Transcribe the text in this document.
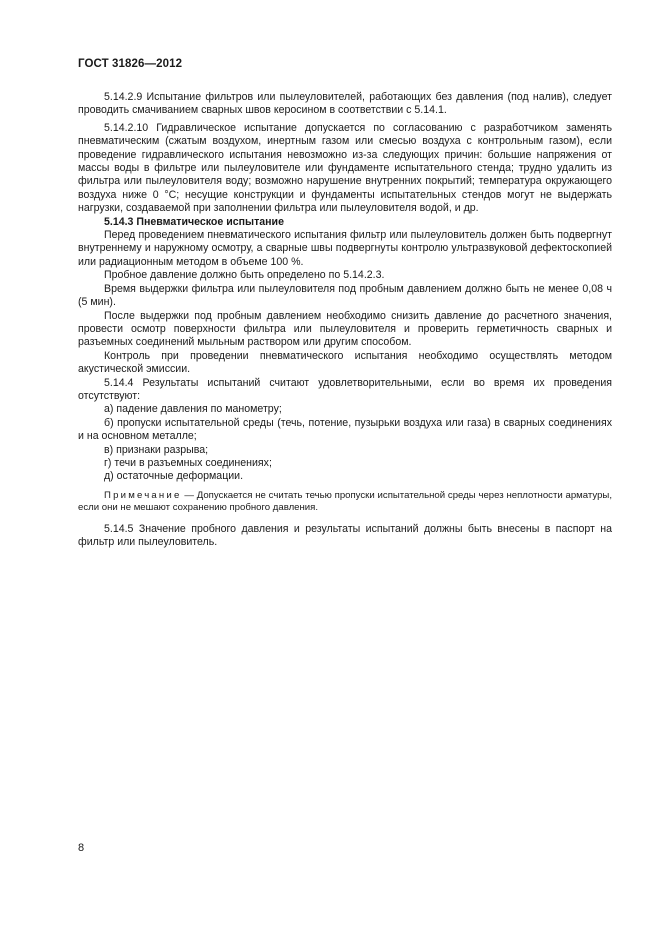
ГОСТ 31826—2012

5.14.2.9 Испытание фильтров или пылеуловителей, работающих без давления (под налив), следует проводить смачиванием сварных швов керосином в соответствии с 5.14.1.

5.14.2.10 Гидравлическое испытание допускается по согласованию с разработчиком заменять пневматическим (сжатым воздухом, инертным газом или смесью воздуха с контрольным газом), если проведение гидравлического испытания невозможно из-за следующих причин: большие напряжения от массы воды в фильтре или пылеуловителе или фундаменте испытательного стенда; трудно удалить из фильтра или пылеуловителя воду; возможно нарушение внутренних покрытий; температура окружающего воздуха ниже 0 °С; несущие конструкции и фундаменты испытательных стендов могут не выдержать нагрузки, создаваемой при заполнении фильтра или пылеуловителя водой, и др.

5.14.3 Пневматическое испытание

Перед проведением пневматического испытания фильтр или пылеуловитель должен быть подвергнут внутреннему и наружному осмотру, а сварные швы подвергнуты контролю ультразвуковой дефектоскопией или радиационным методом в объеме 100 %.

Пробное давление должно быть определено по 5.14.2.3.

Время выдержки фильтра или пылеуловителя под пробным давлением должно быть не менее 0,08 ч (5 мин).

После выдержки под пробным давлением необходимо снизить давление до расчетного значения, провести осмотр поверхности фильтра или пылеуловителя и проверить герметичность сварных и разъемных соединений мыльным раствором или другим способом.

Контроль при проведении пневматического испытания необходимо осуществлять методом акустической эмиссии.

5.14.4 Результаты испытаний считают удовлетворительными, если во время их проведения отсутствуют:

а) падение давления по манометру;

б) пропуски испытательной среды (течь, потение, пузырьки воздуха или газа) в сварных соединениях и на основном металле;

в) признаки разрыва;

г) течи в разъемных соединениях;

д) остаточные деформации.

Примечание — Допускается не считать течью пропуски испытательной среды через неплотности арматуры, если они не мешают сохранению пробного давления.

5.14.5 Значение пробного давления и результаты испытаний должны быть внесены в паспорт на фильтр или пылеуловитель.

8
